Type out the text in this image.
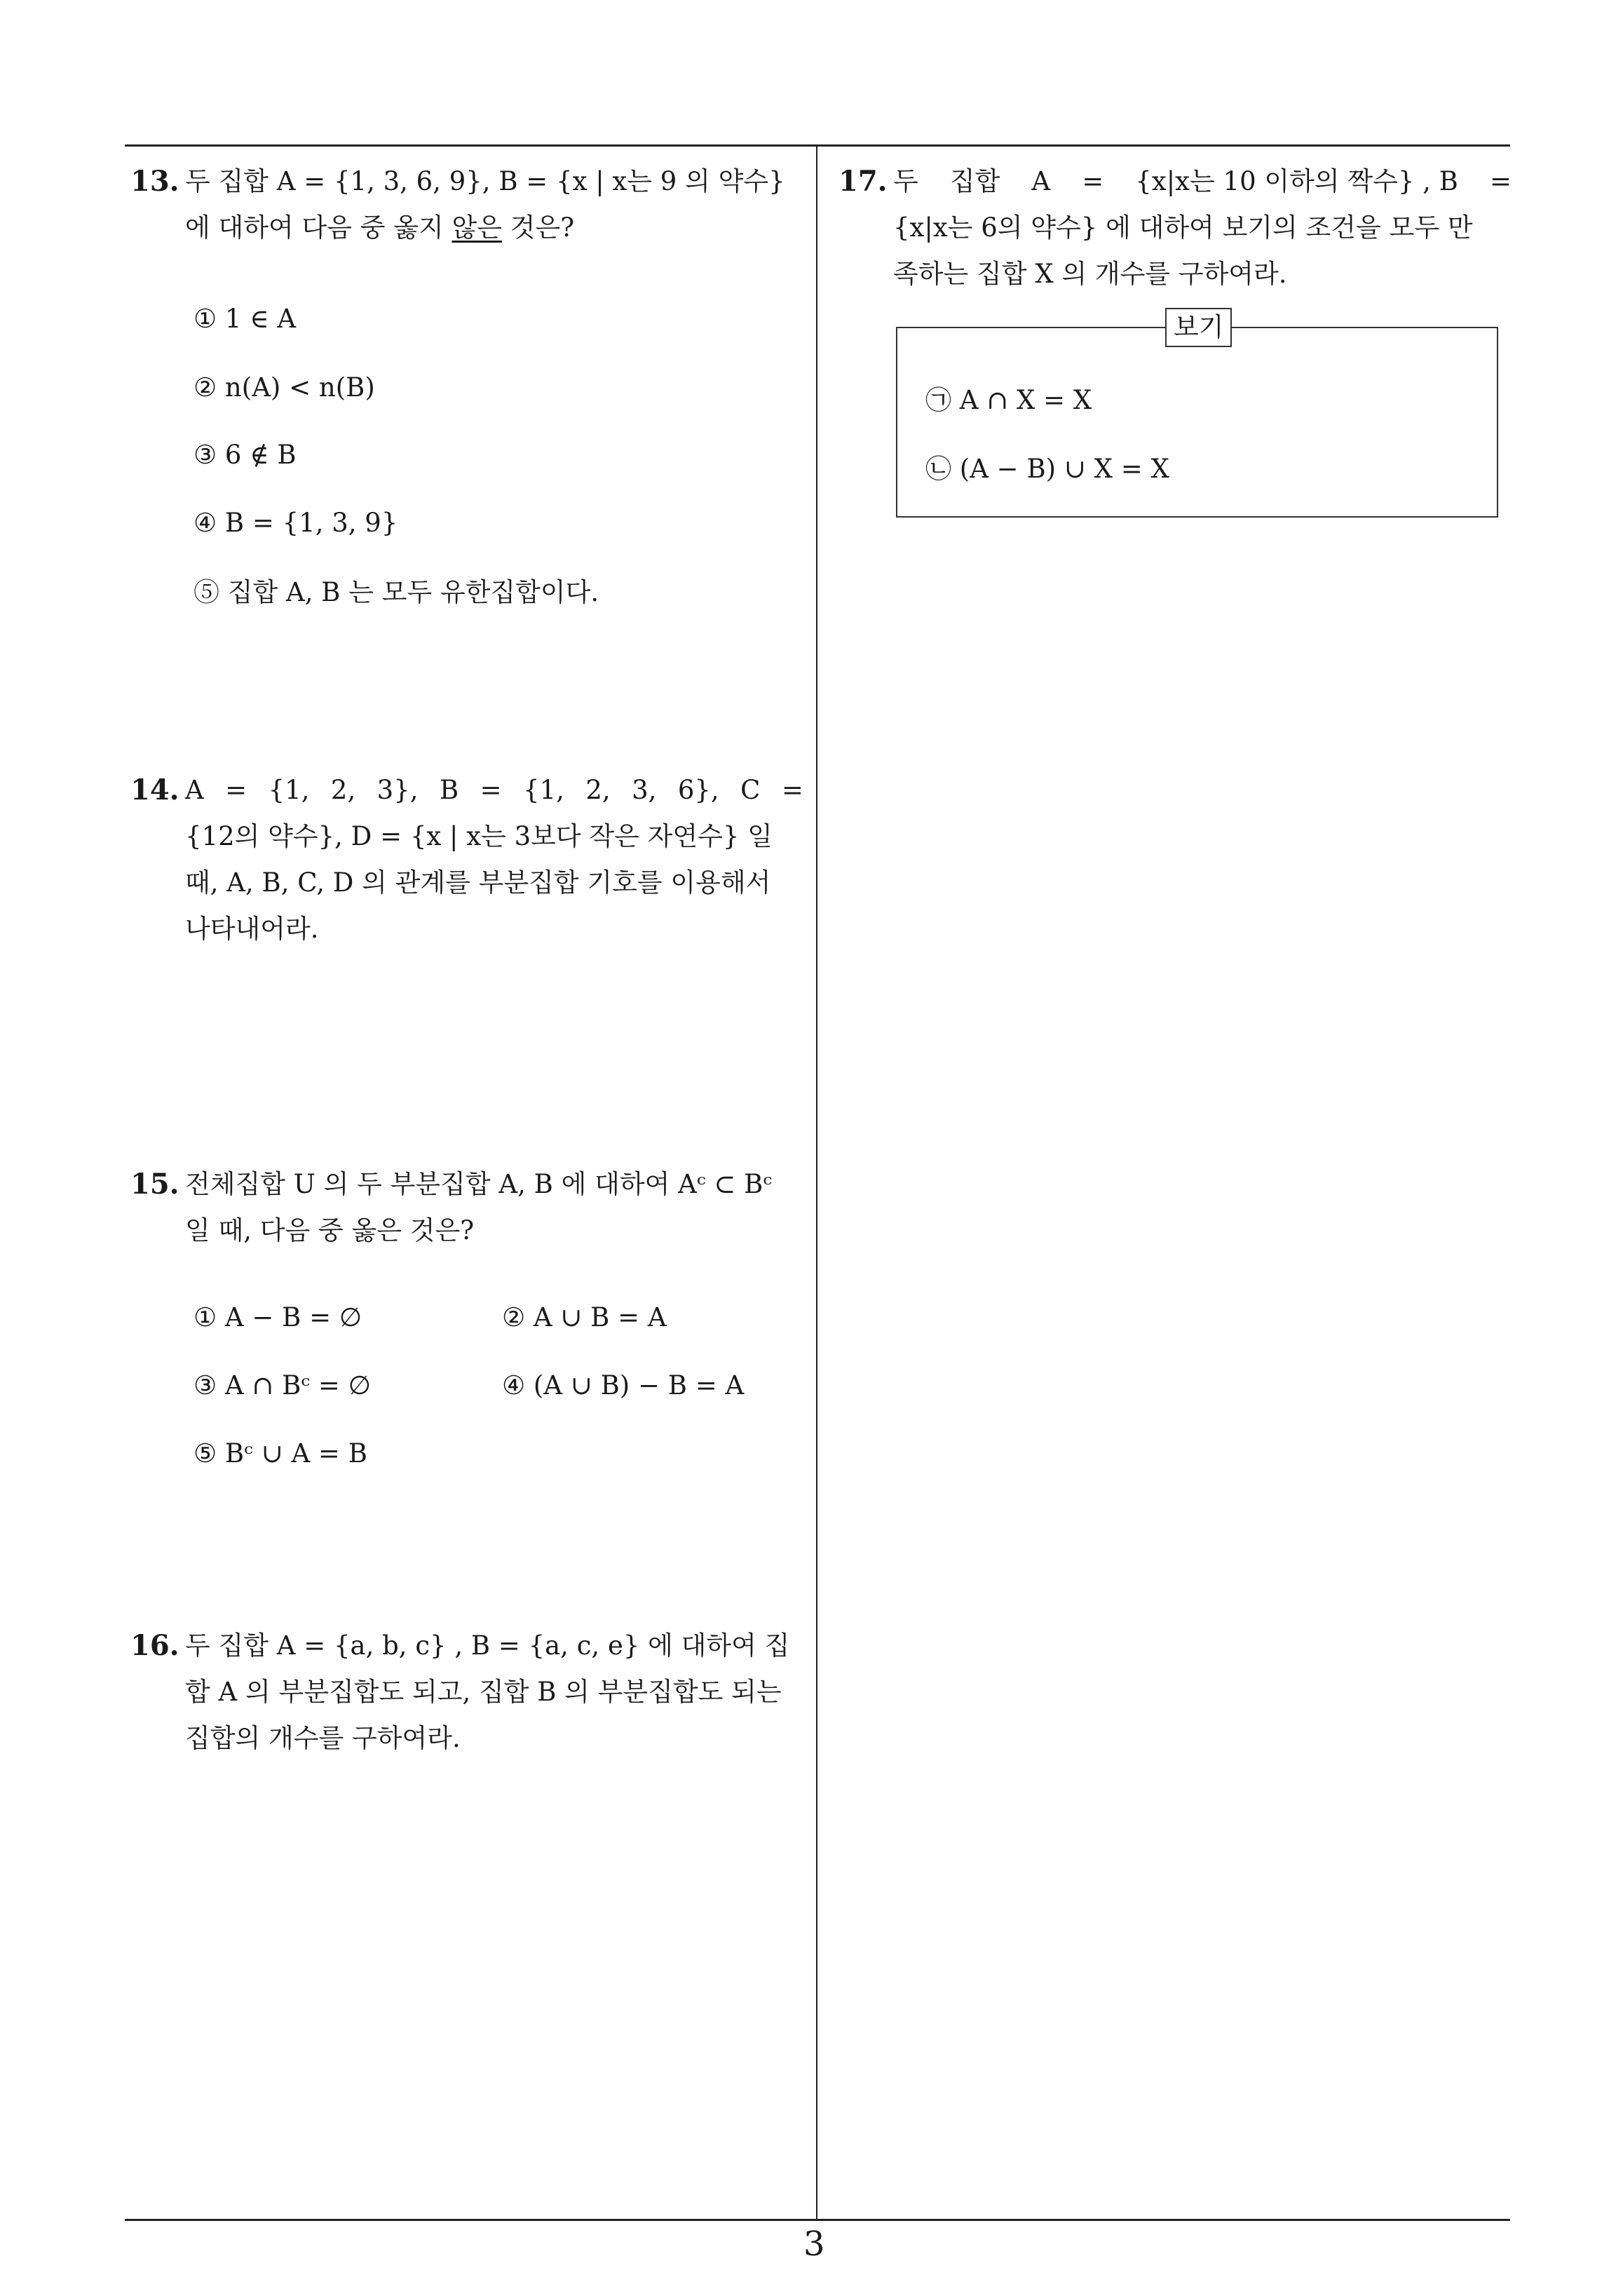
13. 두 집합 A = {1, 3, 6, 9}, B = {x | x는 9 의 약수}
에 대하여 다음 중 옳지 않은 것은?
① 1 ∈ A
② n(A) < n(B)
③ 6 ∉ B
④ B = {1, 3, 9}
⑤ 집합 A, B 는 모두 유한집합이다.
14. A = {1, 2, 3}, B = {1, 2, 3, 6}, C =
{12의 약수}, D = {x | x는 3보다 작은 자연수} 일
때, A, B, C, D 의 관계를 부분집합 기호를 이용해서
나타내어라.
15. 전체집합 U 의 두 부분집합 A, B 에 대하여 Aᶜ ⊂ Bᶜ
일 때, 다음 중 옳은 것은?
① A − B = ∅	② A ∪ B = A
③ A ∩ Bᶜ = ∅	④ (A ∪ B) − B = A
⑤ Bᶜ ∪ A = B
16. 두 집합 A = {a, b, c} , B = {a, c, e} 에 대하여 집
합 A 의 부분집합도 되고, 집합 B 의 부분집합도 되는
집합의 개수를 구하여라.
17. 두 집합 A = {x|x는 10 이하의 짝수} , B =
{x|x는 6의 약수} 에 대하여 보기의 조건을 모두 만
족하는 집합 X 의 개수를 구하여라.
보기
㉠ A ∩ X = X
㉡ (A − B) ∪ X = X
3
